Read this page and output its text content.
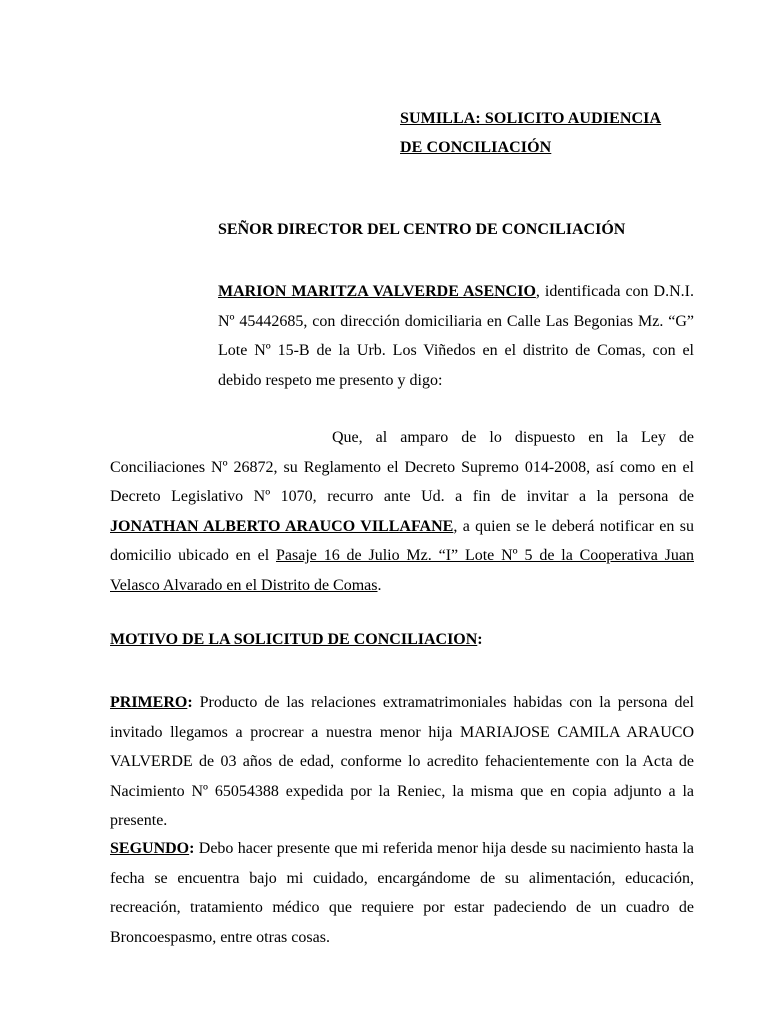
SUMILLA: SOLICITO AUDIENCIA
DE CONCILIACIÓN
SEÑOR DIRECTOR DEL CENTRO DE CONCILIACIÓN
MARION MARITZA VALVERDE ASENCIO, identificada con D.N.I. Nº 45442685, con dirección domiciliaria en Calle Las Begonias Mz. “G” Lote Nº 15-B de la Urb. Los Viñedos en el distrito de Comas, con el debido respeto me presento y digo:
Que, al amparo de lo dispuesto en la Ley de Conciliaciones Nº 26872, su Reglamento el Decreto Supremo 014-2008, así como en el Decreto Legislativo Nº 1070, recurro ante Ud. a fin de invitar a la persona de JONATHAN ALBERTO ARAUCO VILLAFANE, a quien se le deberá notificar en su domicilio ubicado en el Pasaje 16 de Julio Mz. “I” Lote Nº 5 de la Cooperativa Juan Velasco Alvarado en el Distrito de Comas.
MOTIVO DE LA SOLICITUD DE CONCILIACION:
PRIMERO: Producto de las relaciones extramatrimoniales habidas con la persona del invitado llegamos a procrear a nuestra menor hija MARIAJOSE CAMILA ARAUCO VALVERDE de 03 años de edad, conforme lo acredito fehacientemente con la Acta de Nacimiento Nº 65054388 expedida por la Reniec, la misma que en copia adjunto a la presente.
SEGUNDO: Debo hacer presente que mi referida menor hija desde su nacimiento hasta la fecha se encuentra bajo mi cuidado, encargándome de su alimentación, educación, recreación, tratamiento médico que requiere por estar padeciendo de un cuadro de Broncoespasmo, entre otras cosas.
